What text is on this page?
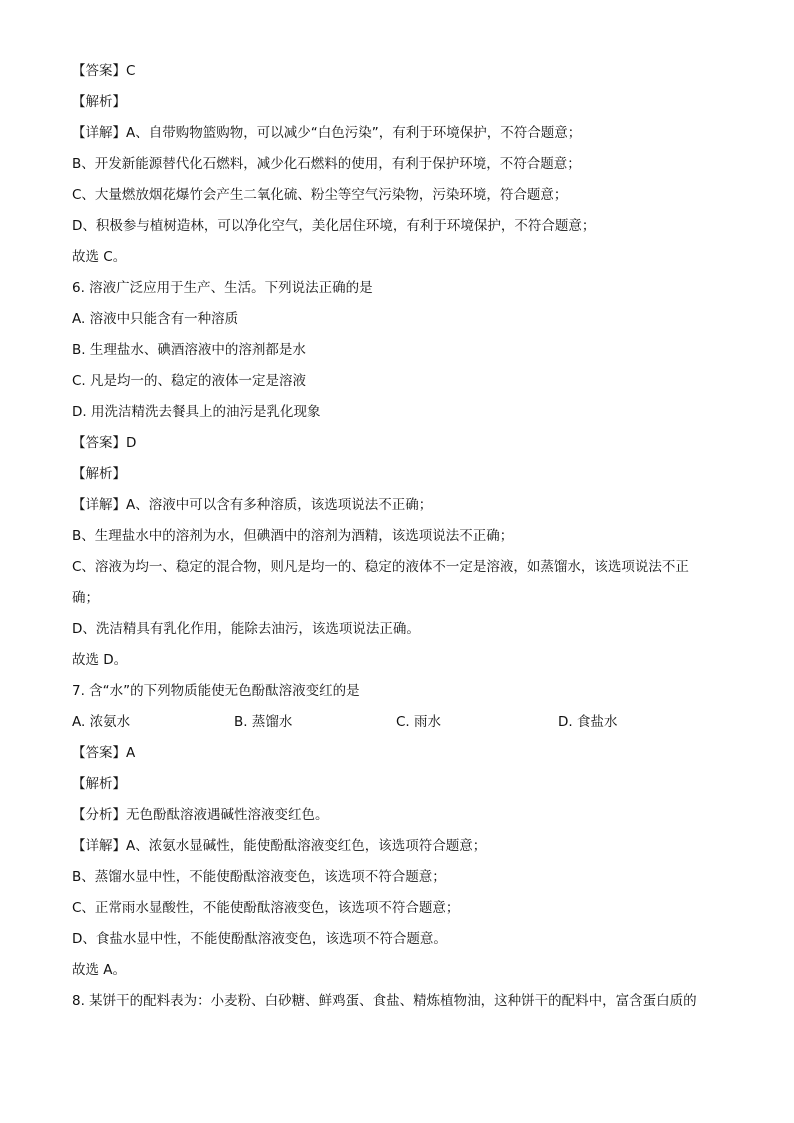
【答案】C

【解析】

【详解】A、自带购物篮购物，可以减少“白色污染”，有利于环境保护，不符合题意；

B、开发新能源替代化石燃料，减少化石燃料的使用，有利于保护环境，不符合题意；

C、大量燃放烟花爆竹会产生二氧化硫、粉尘等空气污染物，污染环境，符合题意；

D、积极参与植树造林，可以净化空气，美化居住环境，有利于环境保护，不符合题意；

故选 C。

6. 溶液广泛应用于生产、生活。下列说法正确的是

A. 溶液中只能含有一种溶质

B. 生理盐水、碘酒溶液中的溶剂都是水

C. 凡是均一的、稳定的液体一定是溶液

D. 用洗洁精洗去餐具上的油污是乳化现象

【答案】D

【解析】

【详解】A、溶液中可以含有多种溶质，该选项说法不正确；

B、生理盐水中的溶剂为水，但碘酒中的溶剂为酒精，该选项说法不正确；

C、溶液为均一、稳定的混合物，则凡是均一的、稳定的液体不一定是溶液，如蒸馏水，该选项说法不正

确；

D、洗洁精具有乳化作用，能除去油污，该选项说法正确。

故选 D。

7. 含“水”的下列物质能使无色酚酞溶液变红的是

A. 浓氨水	B. 蒸馏水	C. 雨水	D. 食盐水

【答案】A

【解析】

【分析】无色酚酞溶液遇碱性溶液变红色。

【详解】A、浓氨水显碱性，能使酚酞溶液变红色，该选项符合题意；

B、蒸馏水显中性，不能使酚酞溶液变色，该选项不符合题意；

C、正常雨水显酸性，不能使酚酞溶液变色，该选项不符合题意；

D、食盐水显中性，不能使酚酞溶液变色，该选项不符合题意。

故选 A。

8. 某饼干的配料表为：小麦粉、白砂糖、鲜鸡蛋、食盐、精炼植物油，这种饼干的配料中，富含蛋白质的
